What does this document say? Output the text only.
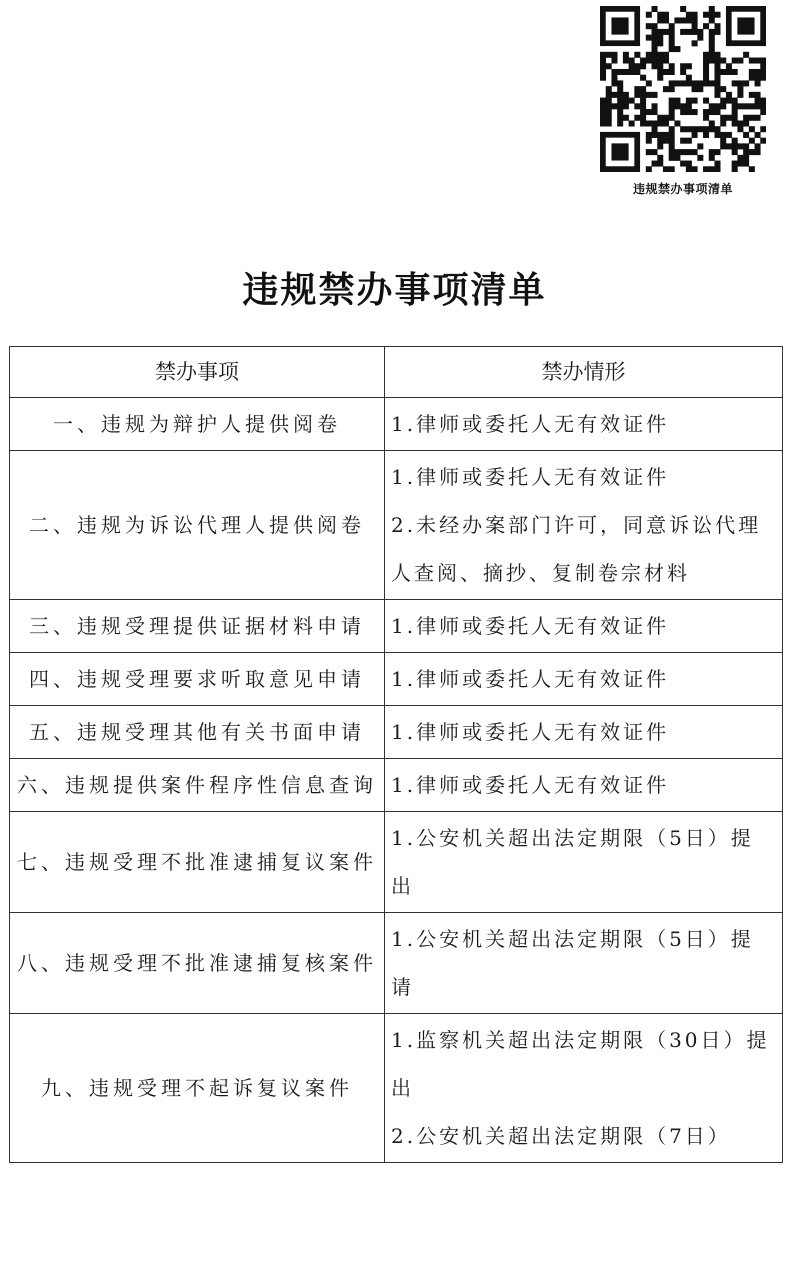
违规禁办事项清单
违规禁办事项清单
禁办事项	禁办情形
一、违规为辩护人提供阅卷	1.律师或委托人无有效证件

二、违规为诉讼代理人提供阅卷	1.律师或委托人无有效证件
2.未经办案部门许可，同意诉讼代理人查阅、摘抄、复制卷宗材料

三、违规受理提供证据材料申请	1.律师或委托人无有效证件

四、违规受理要求听取意见申请	1.律师或委托人无有效证件

五、违规受理其他有关书面申请	1.律师或委托人无有效证件

六、违规提供案件程序性信息查询	1.律师或委托人无有效证件

七、违规受理不批准逮捕复议案件	1.公安机关超出法定期限（5日）提出

八、违规受理不批准逮捕复核案件	1.公安机关超出法定期限（5日）提请

九、违规受理不起诉复议案件	1.监察机关超出法定期限（30日）提出
2.公安机关超出法定期限（7日）
